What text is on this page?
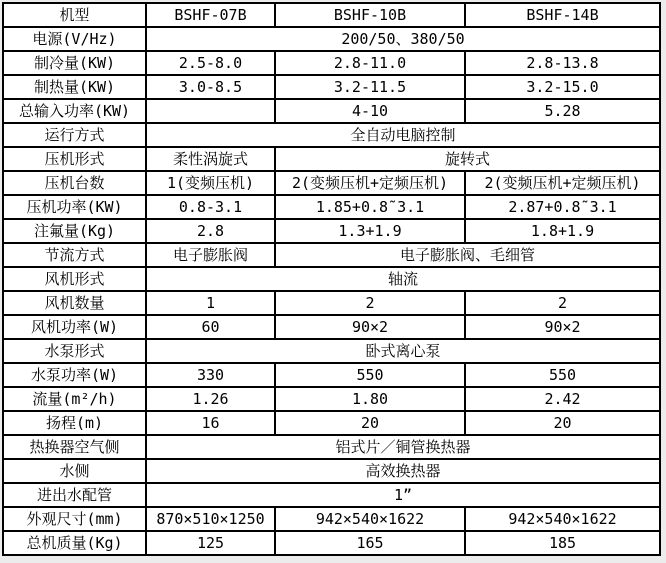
机型	BSHF-07B	BSHF-10B	BSHF-14B
电源(V/Hz)	200/50、380/50		
制冷量(KW)	2.5-8.0	2.8-11.0	2.8-13.8
制热量(KW)	3.0-8.5	3.2-11.5	3.2-15.0
总输入功率(KW)		4-10	5.28
运行方式	全自动电脑控制		
压机形式	柔性涡旋式	旋转式	
压机台数	1(变频压机)	2(变频压机+定频压机)	2(变频压机+定频压机)
压机功率(KW)	0.8-3.1	1.85+0.8˜3.1	2.87+0.8˜3.1
注氟量(Kg)	2.8	1.3+1.9	1.8+1.9
节流方式	电子膨胀阀	电子膨胀阀、毛细管	
风机形式	轴流		
风机数量	1	2	2
风机功率(W)	60	90×2	90×2
水泵形式	卧式离心泵		
水泵功率(W)	330	550	550
流量(m²/h)	1.26	1.80	2.42
扬程(m)	16	20	20
热换器空气侧	铝式片／铜管换热器		
水侧	高效换热器		
进出水配管	1”		
外观尺寸(mm)	870×510×1250	942×540×1622	942×540×1622
总机质量(Kg)	125	165	185
